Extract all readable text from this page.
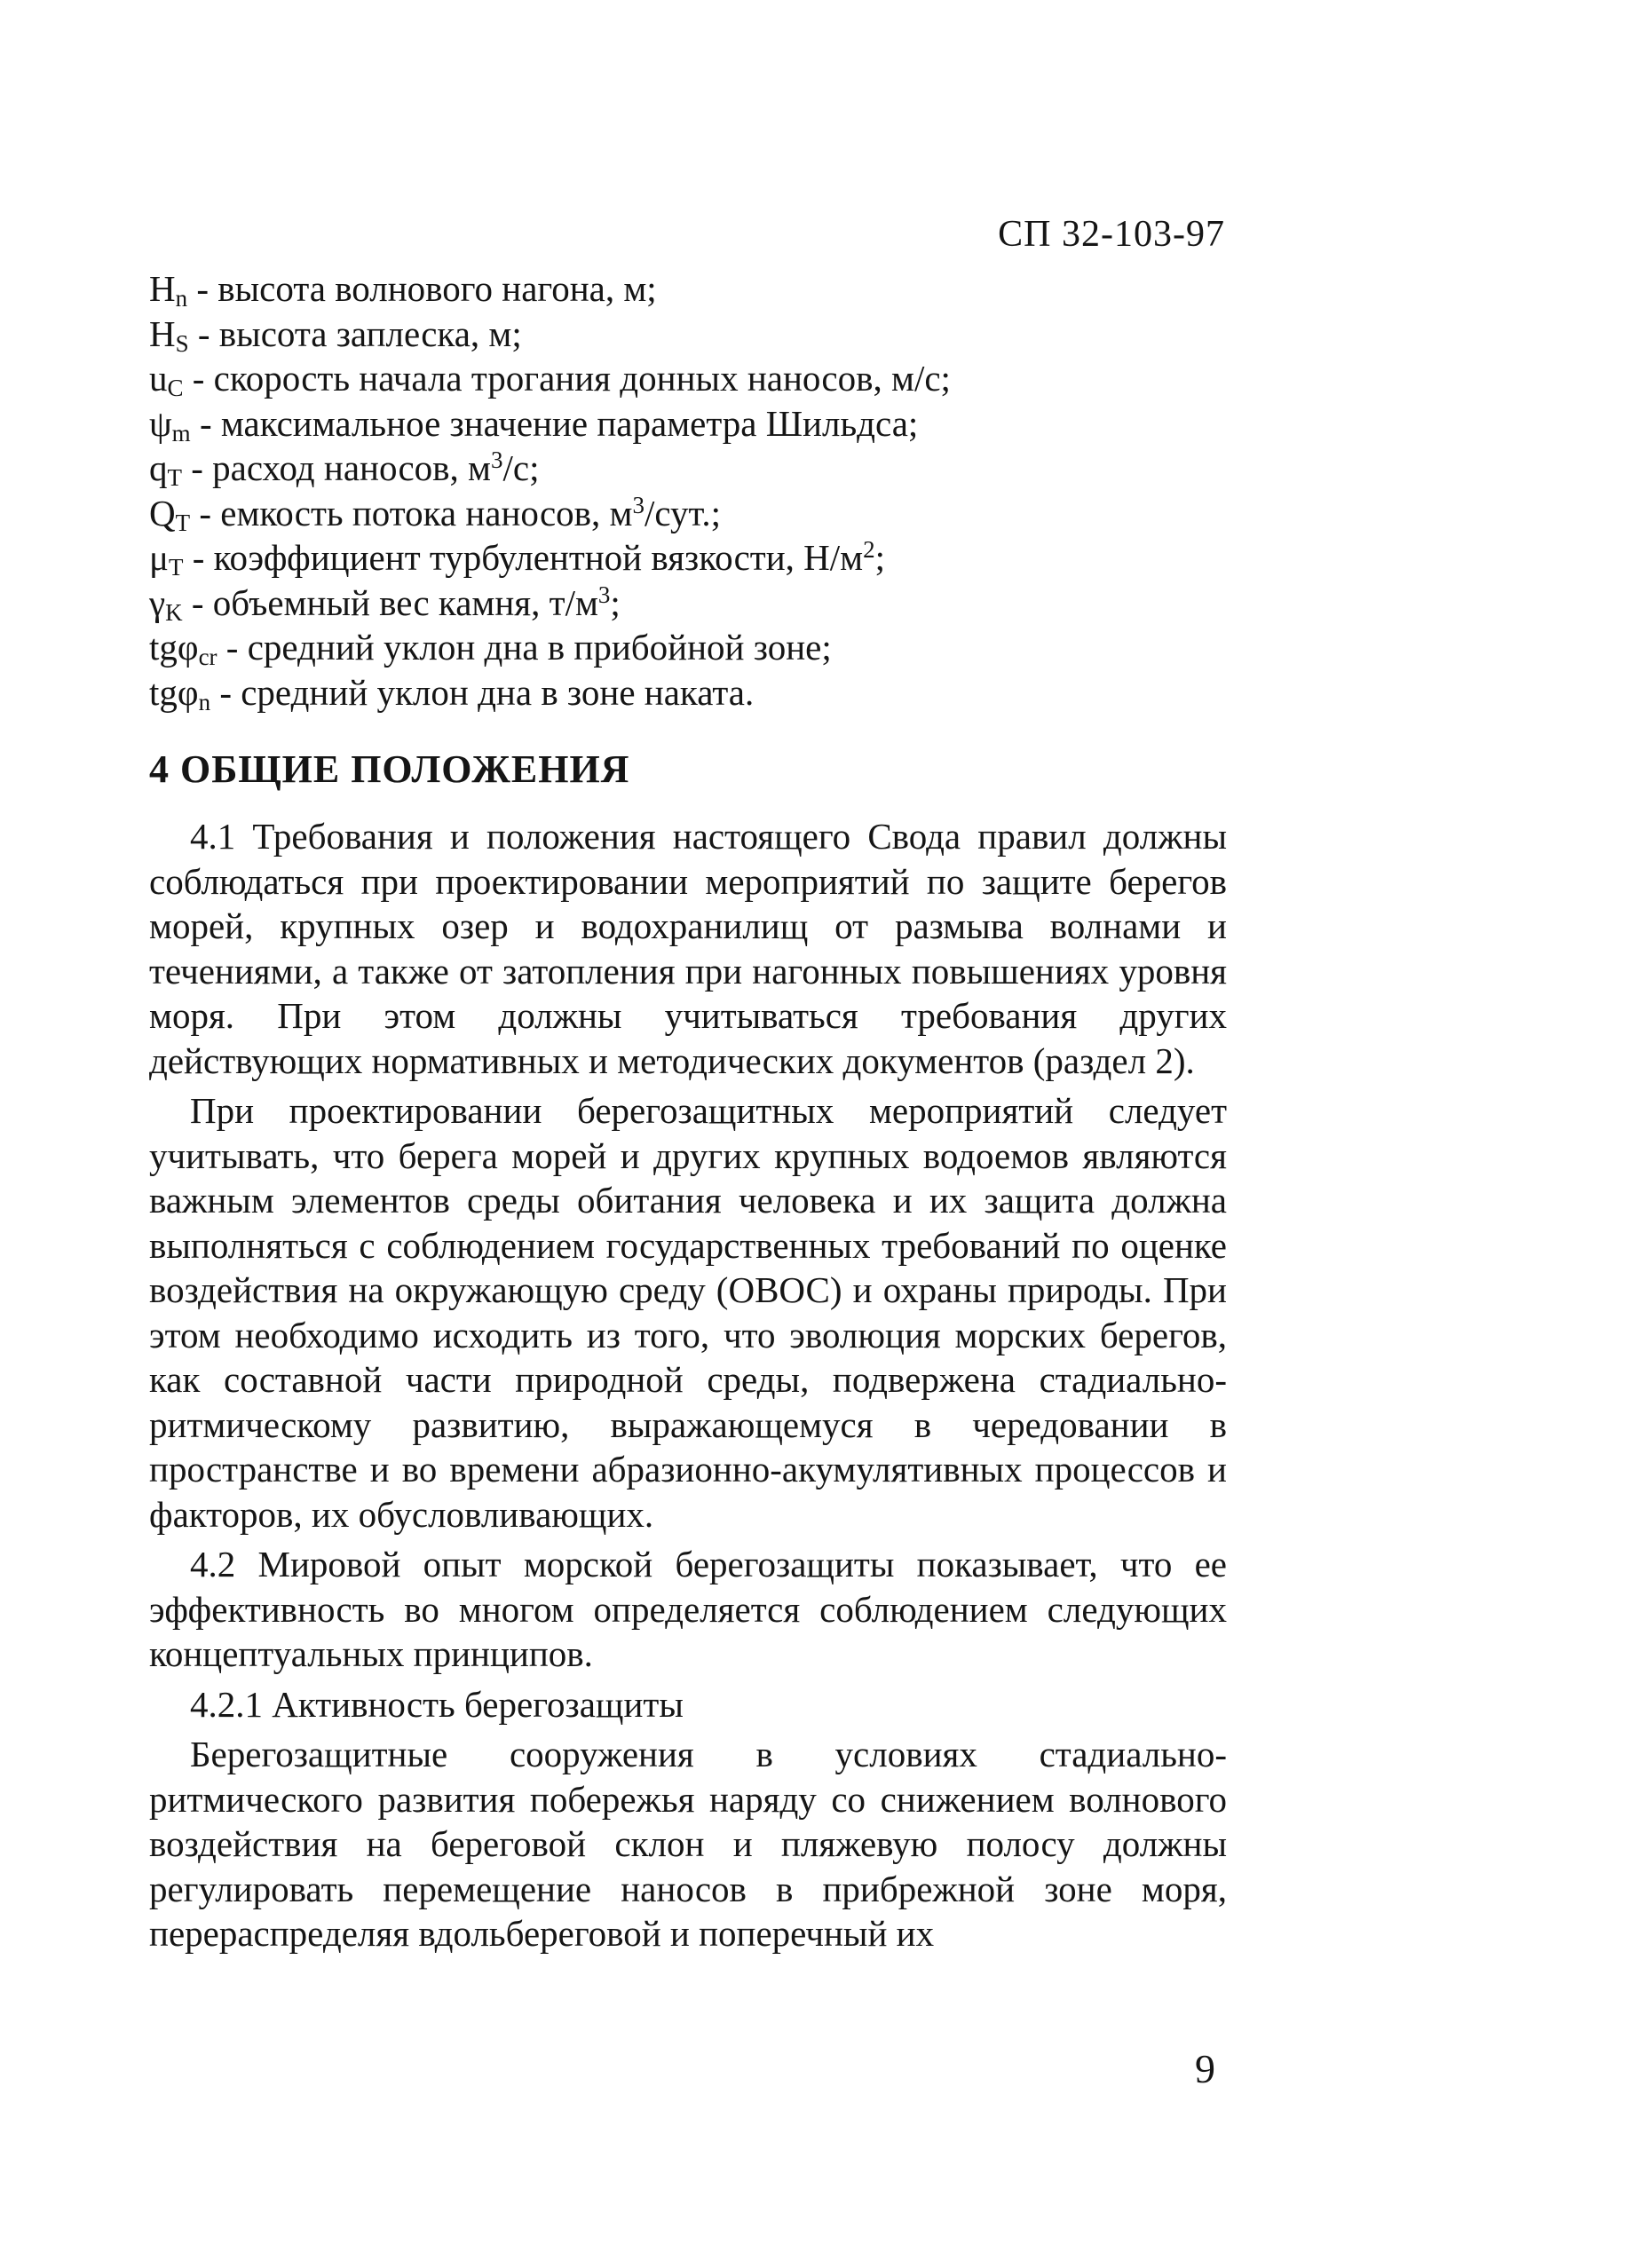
СП 32-103-97
$H_n$ - высота волнового нагона, м;
$H_S$ - высота заплеска, м;
$u_C$ - скорость начала трогания донных наносов, м/с;
$\psi_m$ - максимальное значение параметра Шильдса;
$q_T$ - расход наносов, $м^3/с$;
$Q_T$ - емкость потока наносов, $м^3$/сут.;
$\mu_T$ - коэффициент турбулентной вязкости, $Н/м^2$;
$\gamma_K$ - объемный вес камня, $т/м^3$;
tgφ$_{cr}$ - средний уклон дна в прибойной зоне;
tgφ$_n$ - средний уклон дна в зоне наката.
4 ОБЩИЕ ПОЛОЖЕНИЯ

4.1 Требования и положения настоящего Свода правил должны соблюдаться при проектировании мероприятий по защите берегов морей, крупных озер и водохранилищ от размыва волнами и течениями, а также от затопления при нагонных повышениях уровня моря. При этом должны учитываться требования других действующих нормативных и методических документов (раздел 2).

При проектировании берегозащитных мероприятий следует учитывать, что берега морей и других крупных водоемов являются важным элементов среды обитания человека и их защита должна выполняться с соблюдением государственных требований по оценке воздействия на окружающую среду (ОВОС) и охраны природы. При этом необходимо исходить из того, что эволюция морских берегов, как составной части природной среды, подвержена стадиально-ритмическому развитию, выражающемуся в чередовании в пространстве и во времени абразионно-акумулятивных процессов и факторов, их обусловливающих.

4.2 Мировой опыт морской берегозащиты показывает, что ее эффективность во многом определяется соблюдением следующих концептуальных принципов.

4.2.1 Активность берегозащиты

Берегозащитные сооружения в условиях стадиально-ритмического развития побережья наряду со снижением волнового воздействия на береговой склон и пляжевую полосу должны регулировать перемещение наносов в прибрежной зоне моря, перераспределяя вдольбереговой и поперечный их

9
